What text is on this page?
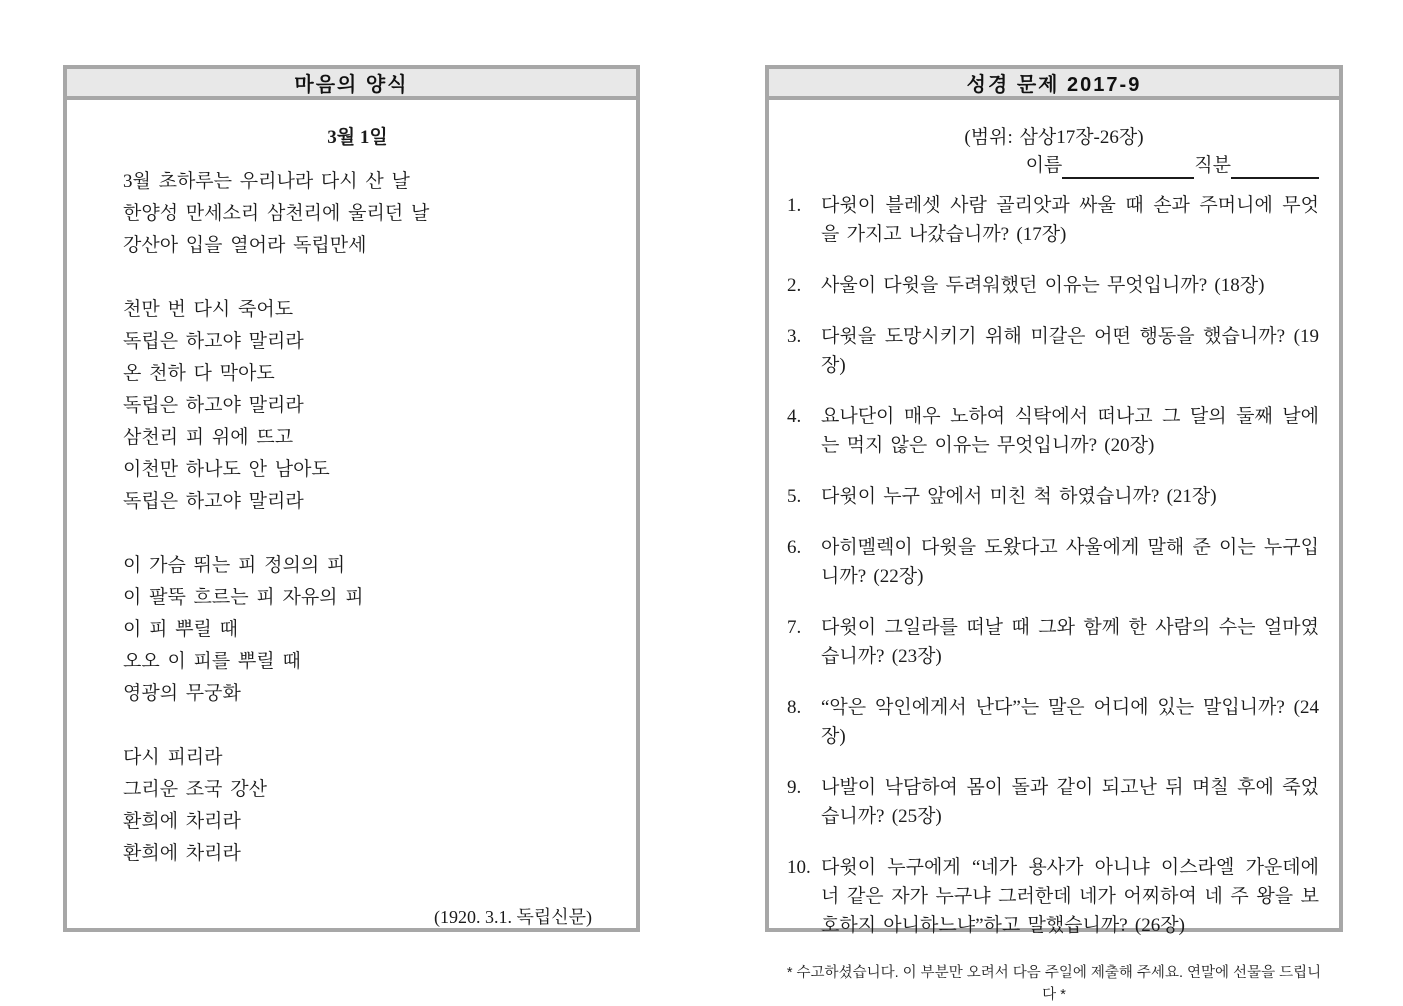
마음의 양식
3월 1일

3월 초하루는 우리나라 다시 산 날

한양성 만세소리 삼천리에 울리던 날

강산아 입을 열어라 독립만세

천만 번 다시 죽어도

독립은 하고야 말리라

온 천하 다 막아도

독립은 하고야 말리라

삼천리 피 위에 뜨고

이천만 하나도 안 남아도

독립은 하고야 말리라

이 가슴 뛰는 피 정의의 피

이 팔뚝 흐르는 피 자유의 피

이 피 뿌릴 때

오오 이 피를 뿌릴 때

영광의 무궁화

다시 피리라

그리운 조국 강산

환희에 차리라

환희에 차리라

(1920. 3.1. 독립신문)

성경 문제 2017-9

(범위: 삼상17장-26장)

이름	직분

1. 다윗이 블레셋 사람 골리앗과 싸울 때 손과 주머니에 무엇을 가지고 나갔습니까? (17장)
2. 사울이 다윗을 두려워했던 이유는 무엇입니까? (18장)
3. 다윗을 도망시키기 위해 미갈은 어떤 행동을 했습니까? (19장)
4. 요나단이 매우 노하여 식탁에서 떠나고 그 달의 둘째 날에는 먹지 않은 이유는 무엇입니까? (20장)
5. 다윗이 누구 앞에서 미친 척 하였습니까? (21장)
6. 아히멜렉이 다윗을 도왔다고 사울에게 말해 준 이는 누구입니까? (22장)
7. 다윗이 그일라를 떠날 때 그와 함께 한 사람의 수는 얼마였습니까? (23장)
8. “악은 악인에게서 난다”는 말은 어디에 있는 말입니까? (24장)
9. 나발이 낙담하여 몸이 돌과 같이 되고난 뒤 며칠 후에 죽었습니까? (25장)
10. 다윗이 누구에게 “네가 용사가 아니냐 이스라엘 가운데에 너 같은 자가 누구냐 그러한데 네가 어찌하여 네 주 왕을 보호하지 아니하느냐”하고 말했습니까? (26장)

* 수고하셨습니다. 이 부분만 오려서 다음 주일에 제출해 주세요. 연말에 선물을 드립니다 *
